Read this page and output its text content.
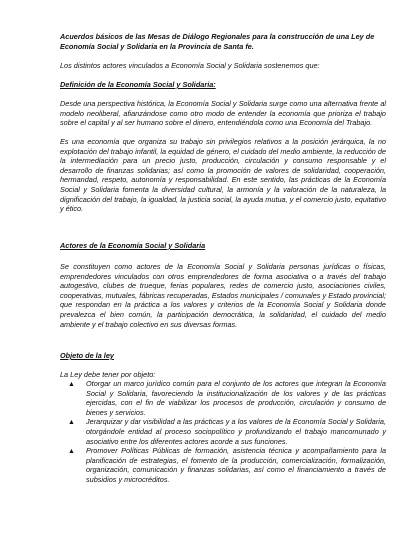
Acuerdos básicos de las Mesas de Diálogo Regionales para la construcción de una Ley de Economía Social y Solidaria en la Provincia de Santa fe.

Los distintos actores vinculados a Economía Social y Solidaria sostenemos que:

Definición de la Economía Social y Solidaria:

Desde una perspectiva histórica, la Economía Social y Solidaria surge como una alternativa frente al modelo neoliberal, afianzándose como otro modo de entender la economía que prioriza el trabajo sobre el capital y al ser humano sobre el dinero, entendiéndola como una Economía del Trabajo.

Es una economía que organiza su trabajo sin privilegios relativos a la posición jerárquica, la no explotación del trabajo infantil, la equidad de género, el cuidado del medio ambiente, la reducción de la intermediación para un precio justo, producción, circulación y consumo responsable y el desarrollo de finanzas solidarias; así como la promoción de valores de solidaridad, cooperación, hermandad, respeto, autonomía y responsabilidad. En este sentido, las prácticas de la Economía Social y Solidaria fomenta la diversidad cultural, la armonía y la valoración de la naturaleza, la dignificación del trabajo, la igualdad, la justicia social, la ayuda mutua, y el comercio justo, equitativo y ético.

Actores de la Economía Social y Solidaria

Se constituyen como actores de la Economía Social y Solidaria personas jurídicas o físicas, emprendedores vinculados con otros emprendedores de forma asociativa o a través del trabajo autogestivo, clubes de trueque, ferias populares, redes de comercio justo, asociaciones civiles, cooperativas, mutuales, fábricas recuperadas, Estados municipales / comunales y Estado provincial; que respondan en la práctica a los valores y criterios de la Economía Social y Solidaria donde prevalezca el bien común, la participación democrática, la solidaridad, el cuidado del medio ambiente y el trabajo colectivo en sus diversas formas.

Objeto de la ley

La Ley debe tener por objeto:

▲ Otorgar un marco jurídico común para el conjunto de los actores que integran la Economía Social y Solidaria, favoreciendo la institucionalización de los valores y de las prácticas ejercidas, con el fin de viabilizar los procesos de producción, circulación y consumo de bienes y servicios.
▲ Jerarquizar y dar visibilidad a las prácticas y a los valores de la Economía Social y Solidaria, otorgándole entidad al proceso sociopolítico y profundizando el trabajo mancomunado y asociativo entre los diferentes actores acorde a sus funciones.
▲ Promover Políticas Públicas de formación, asistencia técnica y acompañamiento para la planificación de estrategias, el fomento de la producción, comercialización, formalización, organización, comunicación y finanzas solidarias, así como el financiamiento a través de subsidios y microcréditos.
